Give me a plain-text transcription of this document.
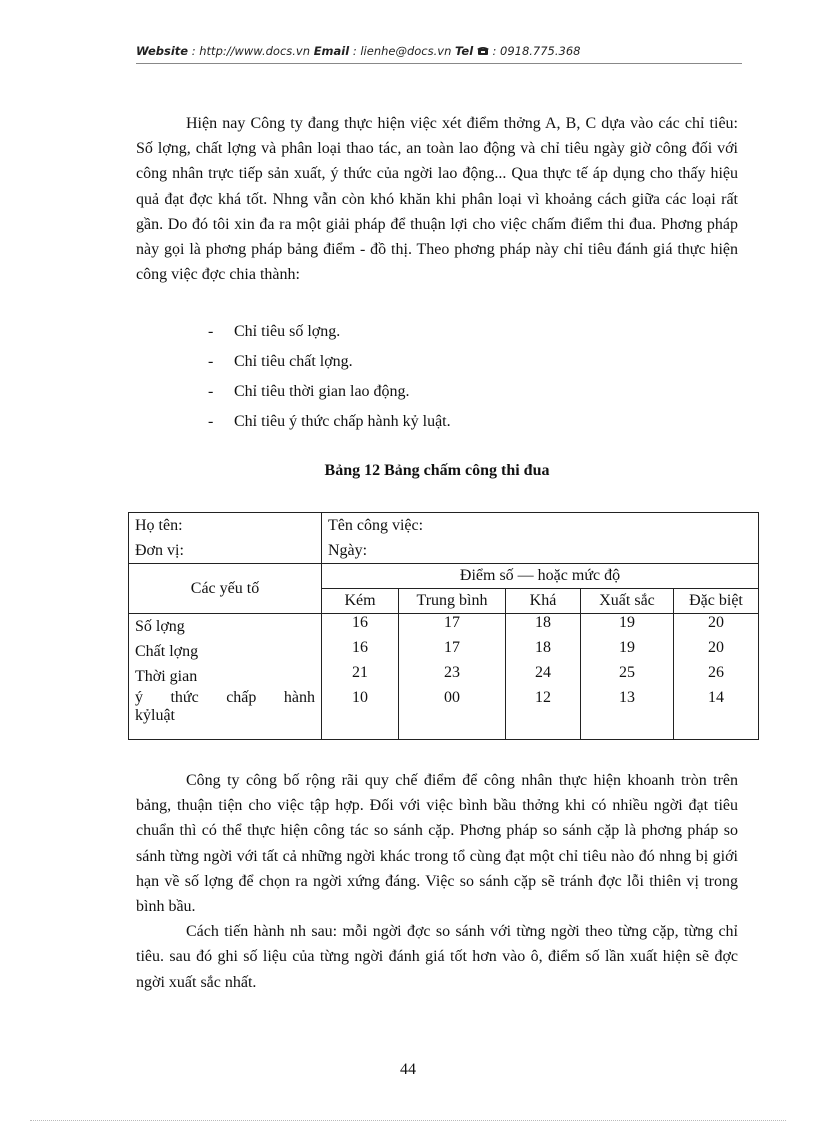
Website : http://www.docs.vn Email : lienhe@docs.vn Tel : 0918.775.368

Hiện nay Công ty đang thực hiện việc xét điểm thởng A, B, C dựa vào các chỉ tiêu: Số lợng, chất lợng và phân loại thao tác, an toàn lao động và chỉ tiêu ngày giờ công đối với công nhân trực tiếp sản xuất, ý thức của ngời lao động... Qua thực tế áp dụng cho thấy hiệu quả đạt đợc khá tốt. Nhng vẫn còn khó khăn khi phân loại vì khoảng cách giữa các loại rất gần. Do đó tôi xin đa ra một giải pháp để thuận lợi cho việc chấm điểm thi đua. Phơng pháp này gọi là phơng pháp bảng điểm - đồ thị. Theo phơng pháp này chỉ tiêu đánh giá thực hiện công việc đợc chia thành:

- Chỉ tiêu số lợng.
- Chỉ tiêu chất lợng.
- Chỉ tiêu thời gian lao động.
- Chỉ tiêu ý thức chấp hành kỷ luật.
Bảng 12 Bảng chấm công thi đua
Họ tên:	Tên công việc:				
Đơn vị:	Ngày:				
Các yếu tố	Điểm số — hoặc mức độ				
	Kém	Trung bình	Khá	Xuất sắc	Đặc biệt
Số lợng	16	17	18	19	20
Chất lợng	16	17	18	19	20
Thời gian	21	23	24	25	26

ý thức chấp hành
kỷluật	10	00	12	13	14

Công ty công bố rộng rãi quy chế điểm để công nhân thực hiện khoanh tròn trên bảng, thuận tiện cho việc tập hợp. Đối với việc bình bầu thởng khi có nhiều ngời đạt tiêu chuẩn thì có thể thực hiện công tác so sánh cặp. Phơng pháp so sánh cặp là phơng pháp so sánh từng ngời với tất cả những ngời khác trong tổ cùng đạt một chỉ tiêu nào đó nhng bị giới hạn về số lợng để chọn ra ngời xứng đáng. Việc so sánh cặp sẽ tránh đợc lỗi thiên vị trong bình bầu.

Cách tiến hành nh sau: mỗi ngời đợc so sánh với từng ngời theo từng cặp, từng chỉ tiêu. sau đó ghi số liệu của từng ngời đánh giá tốt hơn vào ô, điểm số lần xuất hiện sẽ đợc ngời xuất sắc nhất.

44
